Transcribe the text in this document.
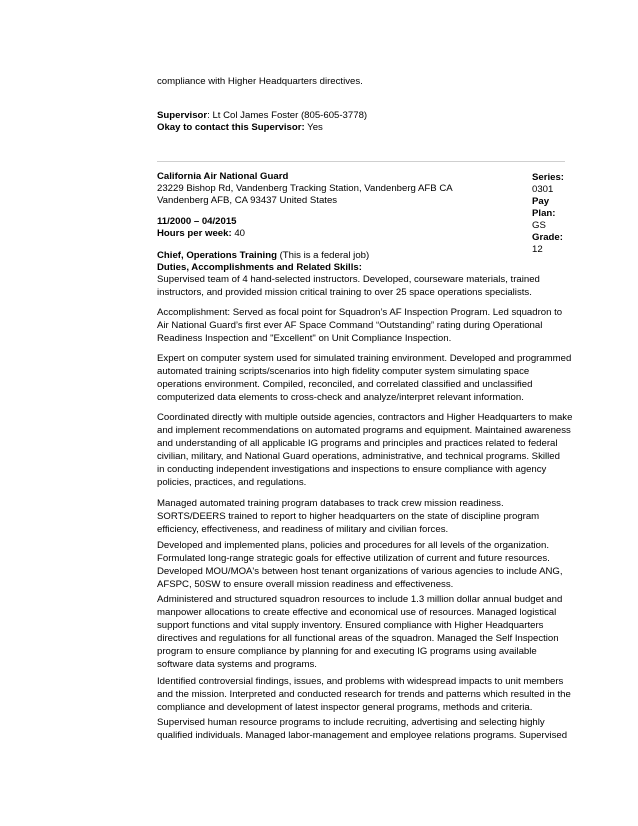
compliance with Higher Headquarters directives.
Supervisor: Lt Col James Foster (805-605-3778)
Okay to contact this Supervisor: Yes
California Air National Guard
23229 Bishop Rd, Vandenberg Tracking Station, Vandenberg AFB CA
Vandenberg AFB, CA 93437 United States
11/2000 – 04/2015
Hours per week: 40
Series:
0301
Pay
Plan:
GS
Grade:
12
Chief, Operations Training (This is a federal job)
Duties, Accomplishments and Related Skills:
Supervised team of 4 hand-selected instructors. Developed, courseware materials, trained
instructors, and provided mission critical training to over 25 space operations specialists.
Accomplishment: Served as focal point for Squadron’s AF Inspection Program. Led squadron to
Air National Guard’s first ever AF Space Command “Outstanding” rating during Operational
Readiness Inspection and "Excellent" on Unit Compliance Inspection.
Expert on computer system used for simulated training environment. Developed and programmed
automated training scripts/scenarios into high fidelity computer system simulating space
operations environment. Compiled, reconciled, and correlated classified and unclassified
computerized data elements to cross-check and analyze/interpret relevant information.
Coordinated directly with multiple outside agencies, contractors and Higher Headquarters to make
and implement recommendations on automated programs and equipment. Maintained awareness
and understanding of all applicable IG programs and principles and practices related to federal
civilian, military, and National Guard operations, administrative, and technical programs. Skilled
in conducting independent investigations and inspections to ensure compliance with agency
policies, practices, and regulations.
Managed automated training program databases to track crew mission readiness.
SORTS/DEERS trained to report to higher headquarters on the state of discipline program
efficiency, effectiveness, and readiness of military and civilian forces.
Developed and implemented plans, policies and procedures for all levels of the organization.
Formulated long-range strategic goals for effective utilization of current and future resources.
Developed MOU/MOA's between host tenant organizations of various agencies to include ANG,
AFSPC, 50SW to ensure overall mission readiness and effectiveness.
Administered and structured squadron resources to include 1.3 million dollar annual budget and
manpower allocations to create effective and economical use of resources. Managed logistical
support functions and vital supply inventory. Ensured compliance with Higher Headquarters
directives and regulations for all functional areas of the squadron. Managed the Self Inspection
program to ensure compliance by planning for and executing IG programs using available
software data systems and programs.
Identified controversial findings, issues, and problems with widespread impacts to unit members
and the mission. Interpreted and conducted research for trends and patterns which resulted in the
compliance and development of latest inspector general programs, methods and criteria.
Supervised human resource programs to include recruiting, advertising and selecting highly
qualified individuals. Managed labor-management and employee relations programs. Supervised
